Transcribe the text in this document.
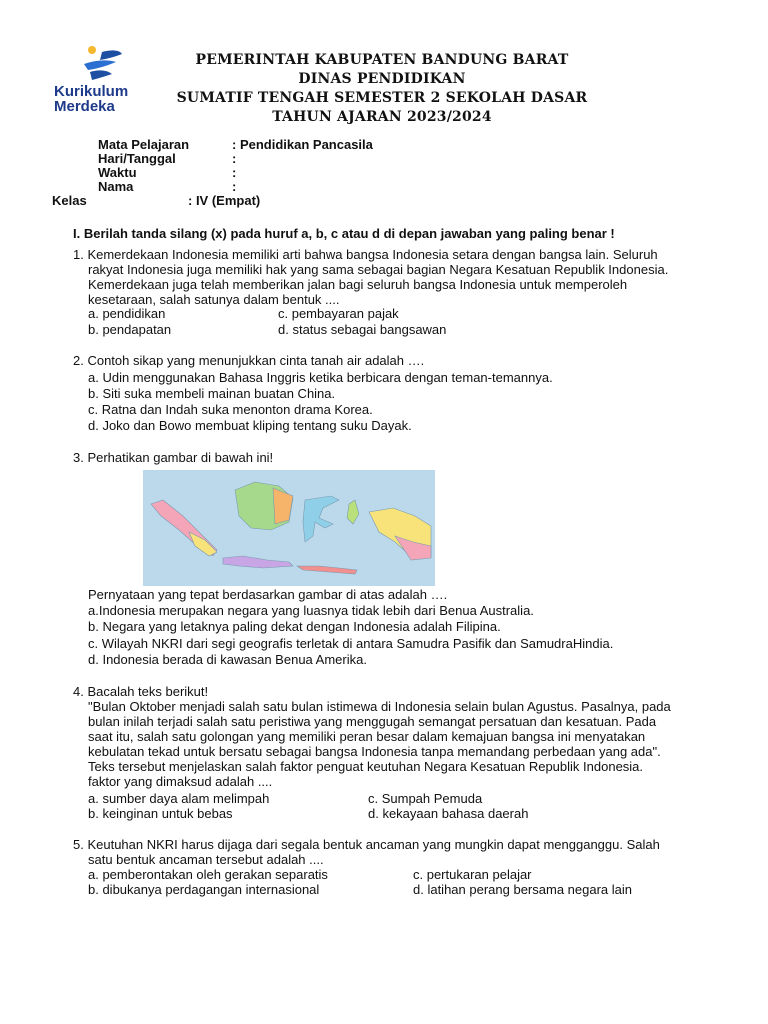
Kurikulum
Merdeka
PEMERINTAH KABUPATEN BANDUNG BARAT
DINAS PENDIDIKAN
SUMATIF TENGAH SEMESTER 2 SEKOLAH DASAR
TAHUN AJARAN 2023/2024
Mata Pelajaran	: Pendidikan Pancasila
Hari/Tanggal	:
Waktu	:
Nama	:
Kelas	: IV (Empat)
I. Berilah tanda silang (x) pada huruf a, b, c atau d di depan jawaban yang paling benar !
1. Kemerdekaan Indonesia memiliki arti bahwa bangsa Indonesia setara dengan bangsa lain. Seluruh
rakyat Indonesia juga memiliki hak yang sama sebagai bagian Negara Kesatuan Republik Indonesia.
Kemerdekaan juga telah memberikan jalan bagi seluruh bangsa Indonesia untuk memperoleh
kesetaraan, salah satunya dalam bentuk ....
a. pendidikan	c. pembayaran pajak
b. pendapatan	d. status sebagai bangsawan
2. Contoh sikap yang menunjukkan cinta tanah air adalah ….
a. Udin menggunakan Bahasa Inggris ketika berbicara dengan teman-temannya.
b. Siti suka membeli mainan buatan China.
c. Ratna dan Indah suka menonton drama Korea.
d. Joko dan Bowo membuat kliping tentang suku Dayak.
3. Perhatikan gambar di bawah ini!
Pernyataan yang tepat berdasarkan gambar di atas adalah ….
a.Indonesia merupakan negara yang luasnya tidak lebih dari Benua Australia.
b. Negara yang letaknya paling dekat dengan Indonesia adalah Filipina.
c. Wilayah NKRI dari segi geografis terletak di antara Samudra Pasifik dan SamudraHindia.
d. Indonesia berada di kawasan Benua Amerika.
4. Bacalah teks berikut!
"Bulan Oktober menjadi salah satu bulan istimewa di Indonesia selain bulan Agustus. Pasalnya, pada
bulan inilah terjadi salah satu peristiwa yang menggugah semangat persatuan dan kesatuan. Pada
saat itu, salah satu golongan yang memiliki peran besar dalam kemajuan bangsa ini menyatakan
kebulatan tekad untuk bersatu sebagai bangsa Indonesia tanpa memandang perbedaan yang ada".
Teks tersebut menjelaskan salah faktor penguat keutuhan Negara Kesatuan Republik Indonesia.
faktor yang dimaksud adalah ....
a. sumber daya alam melimpah	c. Sumpah Pemuda
b. keinginan untuk bebas	d. kekayaan bahasa daerah
5. Keutuhan NKRI harus dijaga dari segala bentuk ancaman yang mungkin dapat mengganggu. Salah
satu bentuk ancaman tersebut adalah ....
a. pemberontakan oleh gerakan separatis	c. pertukaran pelajar
b. dibukanya perdagangan internasional	d. latihan perang bersama negara lain
